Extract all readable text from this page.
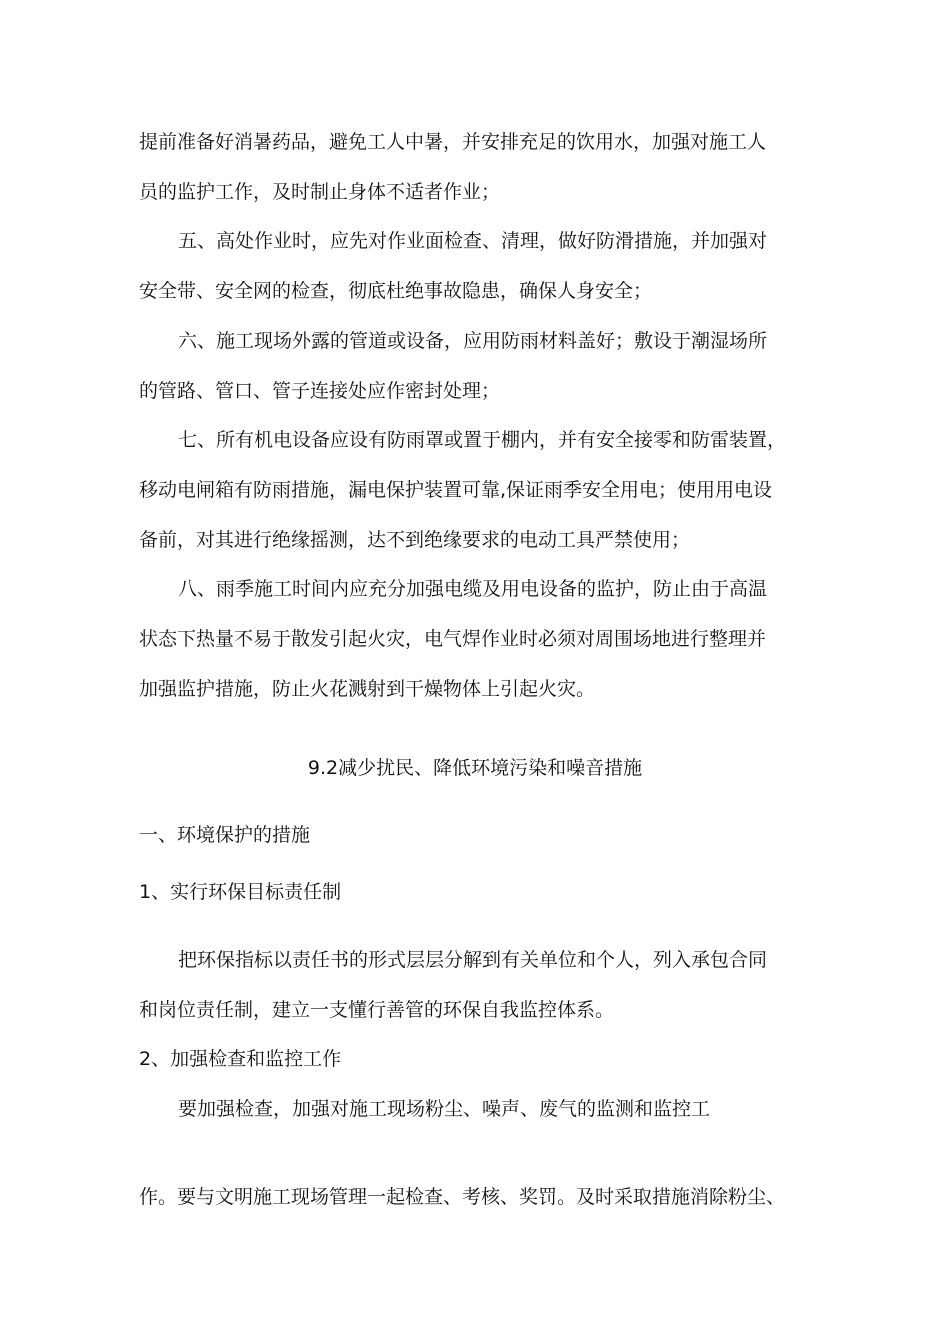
提前准备好消暑药品，避免工人中暑，并安排充足的饮用水，加强对施工人
员的监护工作，及时制止身体不适者作业；
五、高处作业时，应先对作业面检查、清理，做好防滑措施，并加强对
安全带、安全网的检查，彻底杜绝事故隐患，确保人身安全；
六、施工现场外露的管道或设备，应用防雨材料盖好；敷设于潮湿场所
的管路、管口、管子连接处应作密封处理；
七、所有机电设备应设有防雨罩或置于棚内，并有安全接零和防雷装置，
移动电闸箱有防雨措施，漏电保护装置可靠,保证雨季安全用电；使用用电设
备前，对其进行绝缘摇测，达不到绝缘要求的电动工具严禁使用；
八、雨季施工时间内应充分加强电缆及用电设备的监护，防止由于高温
状态下热量不易于散发引起火灾，电气焊作业时必须对周围场地进行整理并
加强监护措施，防止火花溅射到干燥物体上引起火灾。
9.2减少扰民、降低环境污染和噪音措施
一、环境保护的措施
1、实行环保目标责任制
把环保指标以责任书的形式层层分解到有关单位和个人，列入承包合同
和岗位责任制，建立一支懂行善管的环保自我监控体系。
2、加强检查和监控工作
要加强检查，加强对施工现场粉尘、噪声、废气的监测和监控工
作。要与文明施工现场管理一起检查、考核、奖罚。及时采取措施消除粉尘、
